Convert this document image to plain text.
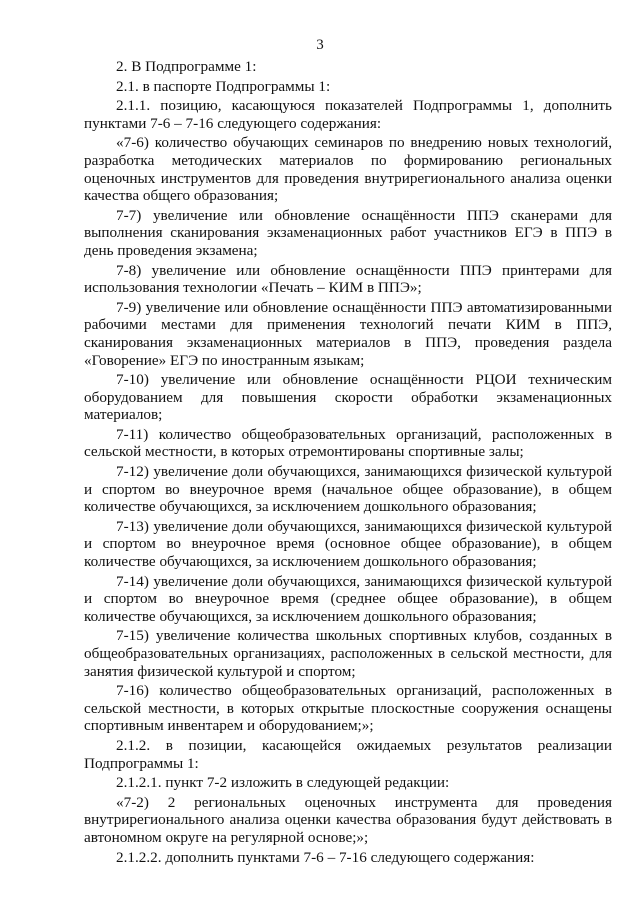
3

2. В Подпрограмме 1:

2.1. в паспорте Подпрограммы 1:

2.1.1. позицию, касающуюся показателей Подпрограммы 1, дополнить пунктами 7-6 – 7-16 следующего содержания:

«7-6) количество обучающих семинаров по внедрению новых технологий, разработка методических материалов по формированию региональных оценочных инструментов для проведения внутрирегионального анализа оценки качества общего образования;

7-7) увеличение или обновление оснащённости ППЭ сканерами для выполнения сканирования экзаменационных работ участников ЕГЭ в ППЭ в день проведения экзамена;

7-8) увеличение или обновление оснащённости ППЭ принтерами для использования технологии «Печать – КИМ в ППЭ»;

7-9) увеличение или обновление оснащённости ППЭ автоматизированными рабочими местами для применения технологий печати КИМ в ППЭ, сканирования экзаменационных материалов в ППЭ, проведения раздела «Говорение» ЕГЭ по иностранным языкам;

7-10) увеличение или обновление оснащённости РЦОИ техническим оборудованием для повышения скорости обработки экзаменационных материалов;

7-11) количество общеобразовательных организаций, расположенных в сельской местности, в которых отремонтированы спортивные залы;

7-12) увеличение доли обучающихся, занимающихся физической культурой и спортом во внеурочное время (начальное общее образование), в общем количестве обучающихся, за исключением дошкольного образования;

7-13) увеличение доли обучающихся, занимающихся физической культурой и спортом во внеурочное время (основное общее образование), в общем количестве обучающихся, за исключением дошкольного образования;

7-14) увеличение доли обучающихся, занимающихся физической культурой и спортом во внеурочное время (среднее общее образование), в общем количестве обучающихся, за исключением дошкольного образования;

7-15) увеличение количества школьных спортивных клубов, созданных в общеобразовательных организациях, расположенных в сельской местности, для занятия физической культурой и спортом;

7-16) количество общеобразовательных организаций, расположенных в сельской местности, в которых открытые плоскостные сооружения оснащены спортивным инвентарем и оборудованием;»;

2.1.2. в позиции, касающейся ожидаемых результатов реализации Подпрограммы 1:

2.1.2.1. пункт 7-2 изложить в следующей редакции:

«7-2) 2 региональных оценочных инструмента для проведения внутрирегионального анализа оценки качества образования будут действовать в автономном округе на регулярной основе;»;

2.1.2.2. дополнить пунктами 7-6 – 7-16 следующего содержания:
